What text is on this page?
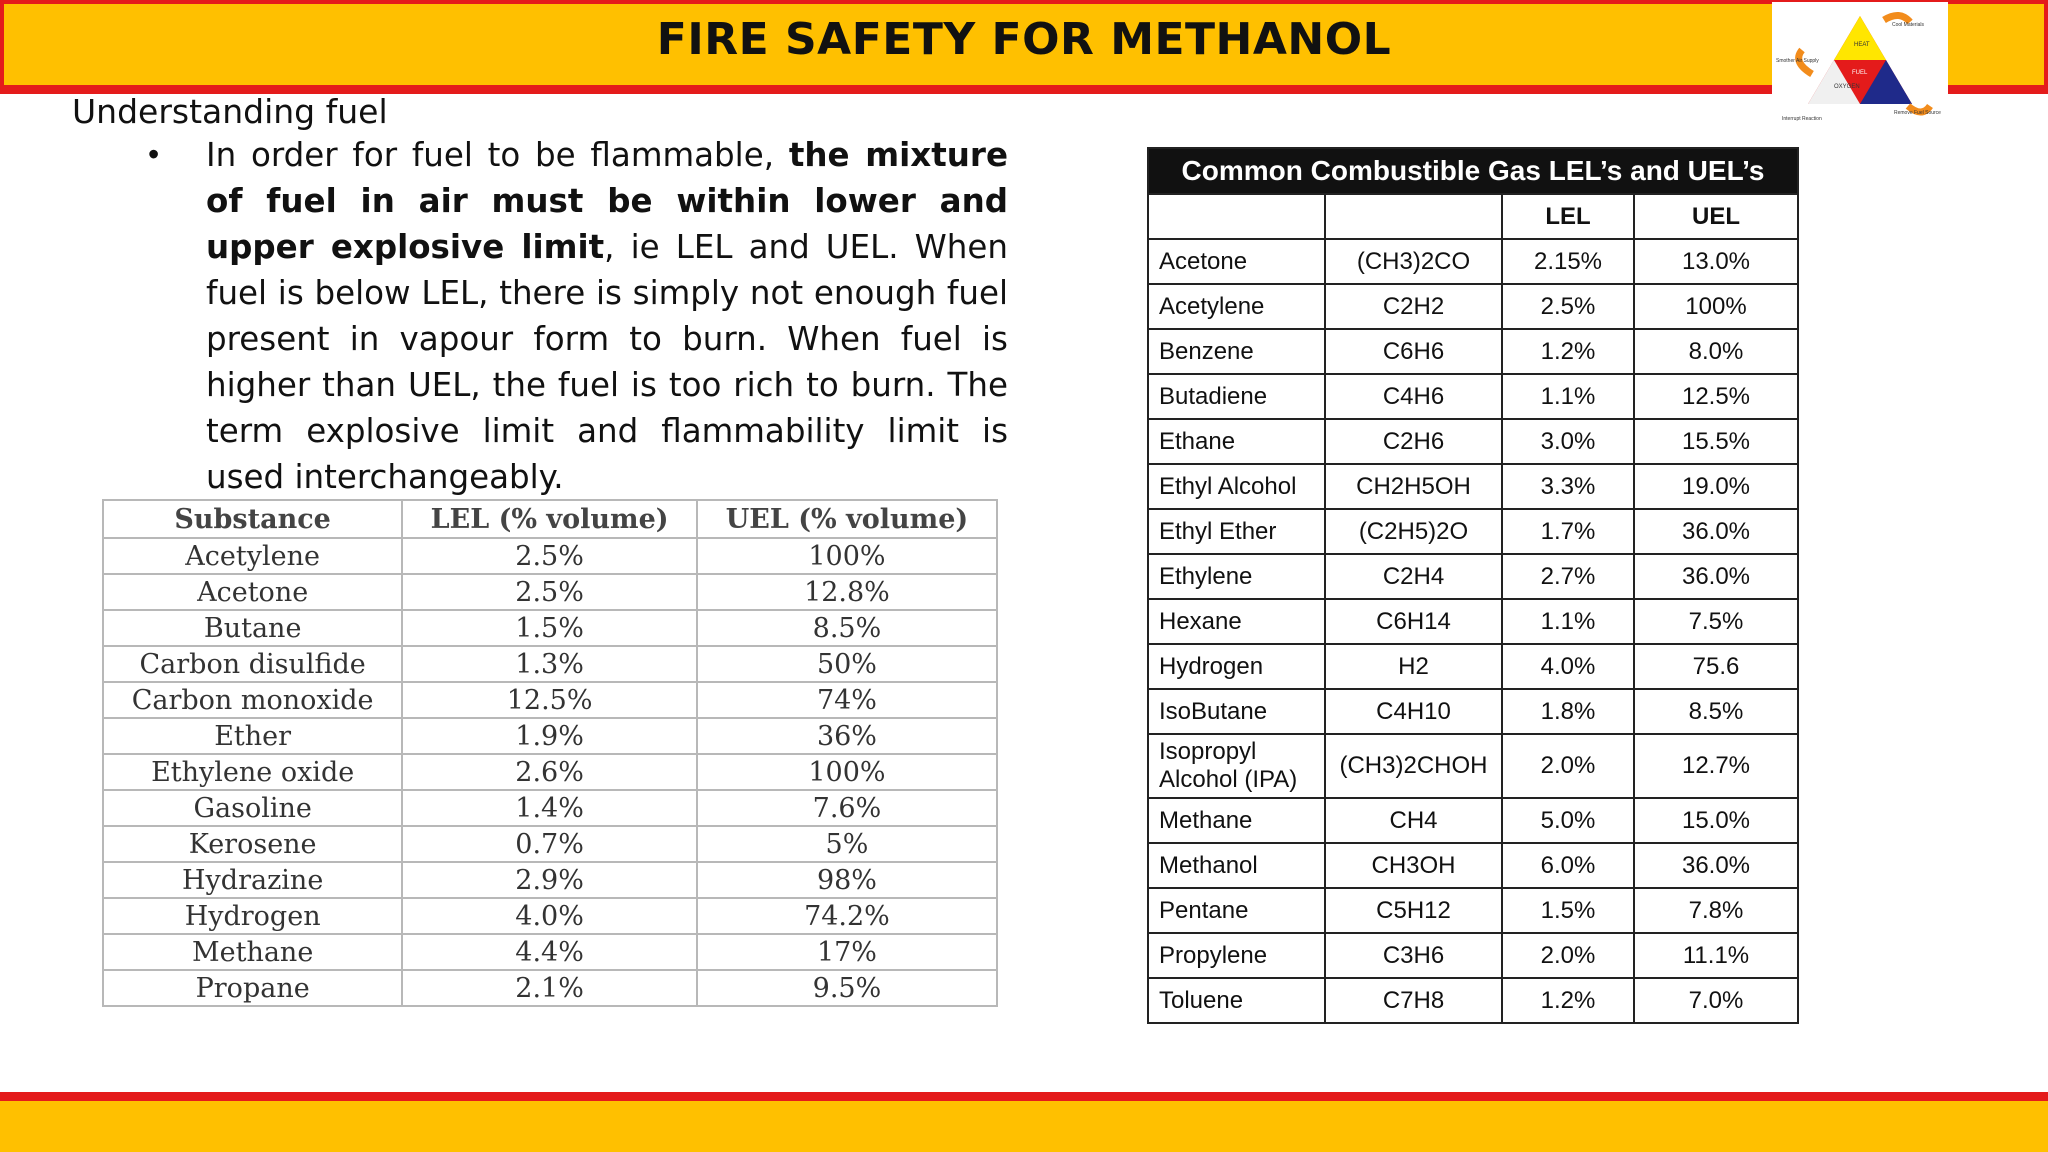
FIRE SAFETY FOR METHANOL	HEAT
FUEL
OXYGEN
Cool Materials
Smother Air Supply
Remove Fuel Source
Interrupt Reaction
Understanding fuel
• In order for fuel to be flammable, the mixture of fuel in air must be within lower and upper explosive limit, ie LEL and UEL. When fuel is below LEL, there is simply not enough fuel present in vapour form to burn. When fuel is higher than UEL, the fuel is too rich to burn. The term explosive limit and flammability limit is used interchangeably.
Substance	LEL (% volume)	UEL (% volume)
Acetylene	2.5%	100%
Acetone	2.5%	12.8%
Butane	1.5%	8.5%
Carbon disulfide	1.3%	50%
Carbon monoxide	12.5%	74%
Ether	1.9%	36%
Ethylene oxide	2.6%	100%
Gasoline	1.4%	7.6%
Kerosene	0.7%	5%
Hydrazine	2.9%	98%
Hydrogen	4.0%	74.2%
Methane	4.4%	17%
Propane	2.1%	9.5%
Common Combustible Gas LEL’s and UEL’s			
		LEL	UEL
Acetone	(CH3)2CO	2.15%	13.0%
Acetylene	C2H2	2.5%	100%
Benzene	C6H6	1.2%	8.0%
Butadiene	C4H6	1.1%	12.5%
Ethane	C2H6	3.0%	15.5%
Ethyl Alcohol	CH2H5OH	3.3%	19.0%
Ethyl Ether	(C2H5)2O	1.7%	36.0%
Ethylene	C2H4	2.7%	36.0%
Hexane	C6H14	1.1%	7.5%
Hydrogen	H2	4.0%	75.6
IsoButane	C4H10	1.8%	8.5%
Isopropyl Alcohol (IPA)	(CH3)2CHOH	2.0%	12.7%
Methane	CH4	5.0%	15.0%
Methanol	CH3OH	6.0%	36.0%
Pentane	C5H12	1.5%	7.8%
Propylene	C3H6	2.0%	11.1%
Toluene	C7H8	1.2%	7.0%
